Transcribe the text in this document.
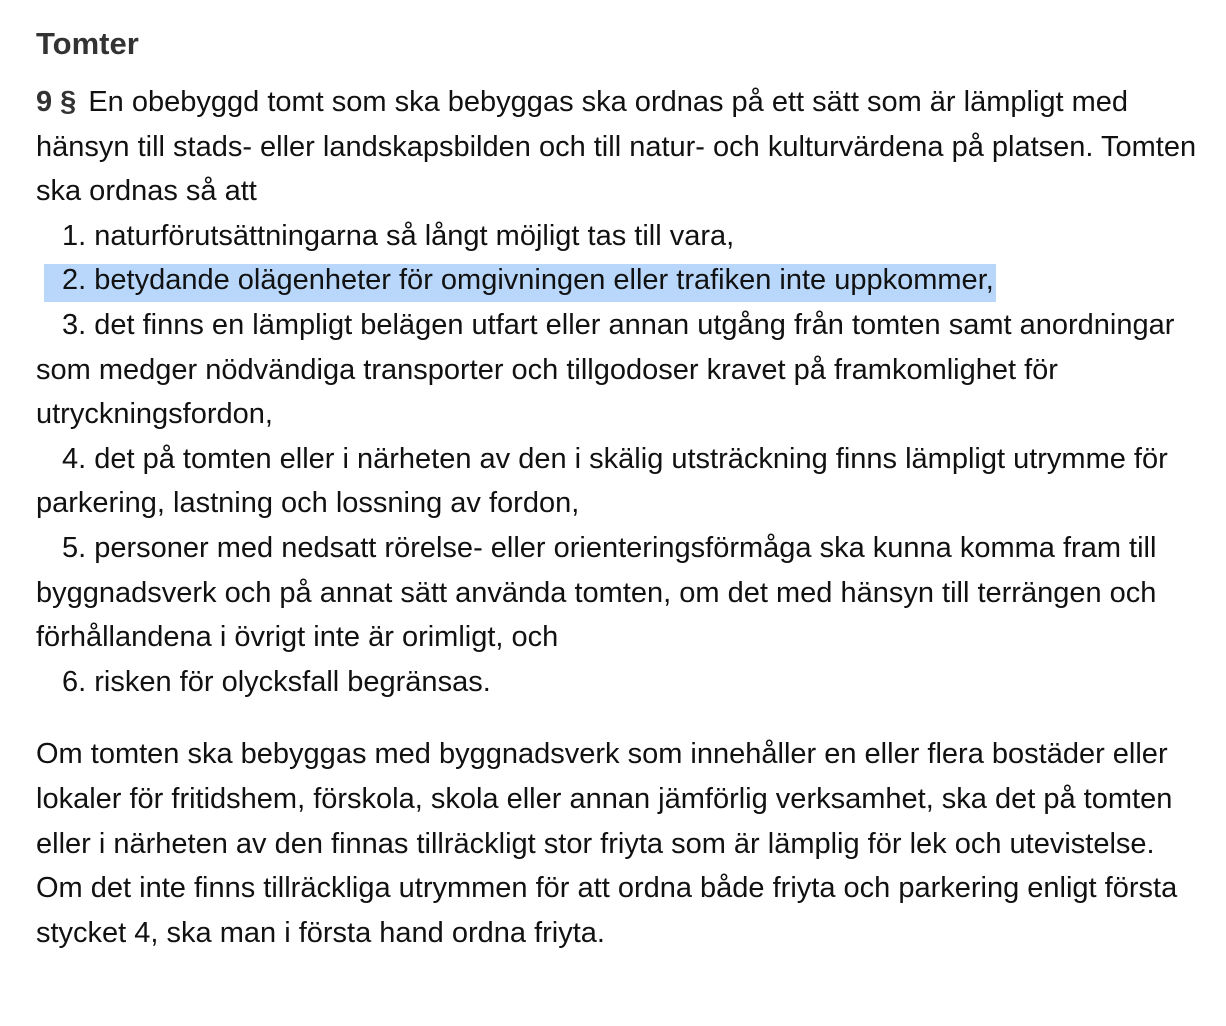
Tomter

9 § En obebyggd tomt som ska bebyggas ska ordnas på ett sätt som är lämpligt med hänsyn till stads- eller landskapsbilden och till natur- och kulturvärdena på platsen. Tomten ska ordnas så att

1. naturförutsättningarna så långt möjligt tas till vara,

2. betydande olägenheter för omgivningen eller trafiken inte uppkommer,

3. det finns en lämpligt belägen utfart eller annan utgång från tomten samt anordningar som medger nödvändiga transporter och tillgodoser kravet på framkomlighet för utryckningsfordon,

4. det på tomten eller i närheten av den i skälig utsträckning finns lämpligt utrymme för parkering, lastning och lossning av fordon,

5. personer med nedsatt rörelse- eller orienteringsförmåga ska kunna komma fram till byggnadsverk och på annat sätt använda tomten, om det med hänsyn till terrängen och förhållandena i övrigt inte är orimligt, och

6. risken för olycksfall begränsas.

Om tomten ska bebyggas med byggnadsverk som innehåller en eller flera bostäder eller lokaler för fritidshem, förskola, skola eller annan jämförlig verksamhet, ska det på tomten eller i närheten av den finnas tillräckligt stor friyta som är lämplig för lek och utevistelse. Om det inte finns tillräckliga utrymmen för att ordna både friyta och parkering enligt första stycket 4, ska man i första hand ordna friyta.
